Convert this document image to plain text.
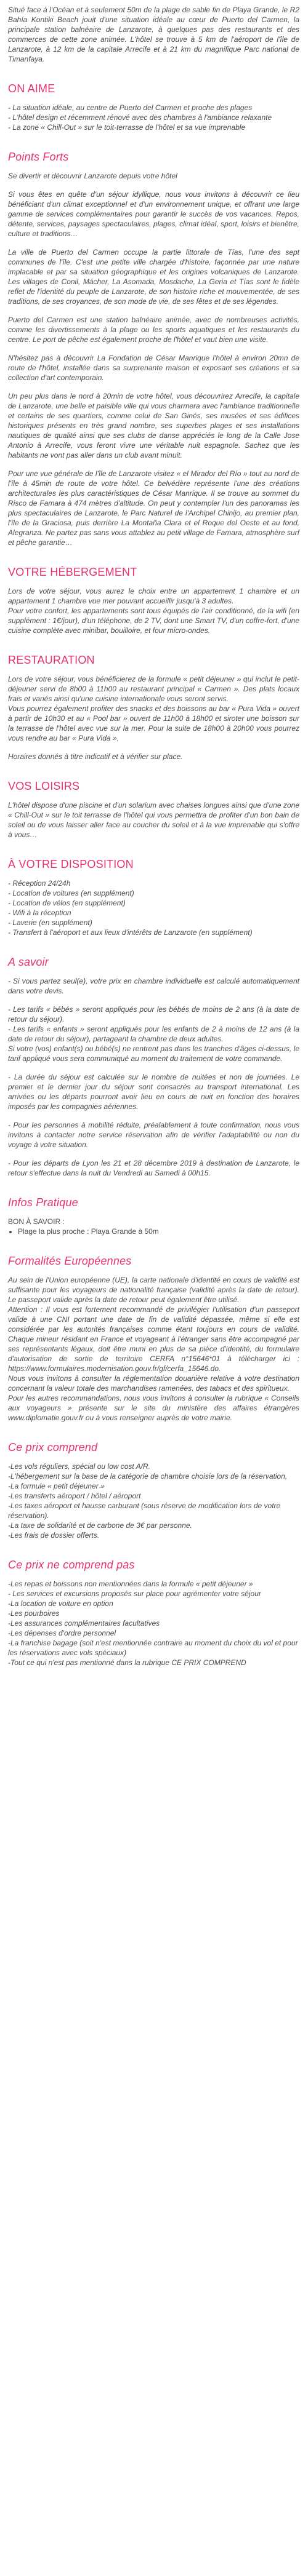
Situé face à l'Océan et à seulement 50m de la plage de sable fin de Playa Grande, le R2 Bahía Kontiki Beach jouit d'une situation idéale au cœur de Puerto del Carmen, la principale station balnéaire de Lanzarote, à quelques pas des restaurants et des commerces de cette zone animée. L'hôtel se trouve à 5 km de l'aéroport de l'île de Lanzarote, à 12 km de la capitale Arrecife et à 21 km du magnifique Parc national de Timanfaya.

ON AIME
- La situation idéale, au centre de Puerto del Carmen et proche des plages
- L'hôtel design et récemment rénové avec des chambres à l'ambiance relaxante
- La zone « Chill-Out » sur le toit-terrasse de l'hôtel et sa vue imprenable
Points Forts

Se divertir et découvrir Lanzarote depuis votre hôtel

Si vous êtes en quête d'un séjour idyllique, nous vous invitons à découvrir ce lieu bénéficiant d'un climat exceptionnel et d'un environnement unique, et offrant une large gamme de services complémentaires pour garantir le succès de vos vacances. Repos, détente, services, paysages spectaculaires, plages, climat idéal, sport, loisirs et bienêtre, culture et traditions…

La ville de Puerto del Carmen occupe la partie littorale de Tías, l'une des sept communes de l'île. C'est une petite ville chargée d'histoire, façonnée par une nature implacable et par sa situation géographique et les origines volcaniques de Lanzarote. Les villages de Conil, Mácher, La Asomada, Mosdache, La Geria et Tías sont le fidèle reflet de l'identité du peuple de Lanzarote, de son histoire riche et mouvementée, de ses traditions, de ses croyances, de son mode de vie, de ses fêtes et de ses légendes.

Puerto del Carmen est une station balnéaire animée, avec de nombreuses activités, comme les divertissements à la plage ou les sports aquatiques et les restaurants du centre. Le port de pêche est également proche de l'hôtel et vaut bien une visite.

N'hésitez pas à découvrir La Fondation de César Manrique l'hôtel à environ 20mn de route de l'hôtel, installée dans sa surprenante maison et exposant ses créations et sa collection d'art contemporain.

Un peu plus dans le nord à 20min de votre hôtel, vous découvrirez Arrecife, la capitale de Lanzarote, une belle et paisible ville qui vous charmera avec l'ambiance traditionnelle et certains de ses quartiers, comme celui de San Ginés, ses musées et ses édifices historiques présents en très grand nombre, ses superbes plages et ses installations nautiques de qualité ainsi que ses clubs de danse appréciés le long de la Calle Jose Antonio à Arrecife, vous feront vivre une véritable nuit espagnole. Sachez que les habitants ne vont pas aller dans un club avant minuit.

Pour une vue générale de l'île de Lanzarote visitez « el Mirador del Río » tout au nord de l'île à 45min de route de votre hôtel. Ce belvédère représente l'une des créations architecturales les plus caractéristiques de César Manrique. Il se trouve au sommet du Risco de Famara à 474 mètres d'altitude. On peut y contempler l'un des panoramas les plus spectaculaires de Lanzarote, le Parc Naturel de l'Archipel Chinijo, au premier plan, l'île de la Graciosa, puis derrière La Montaña Clara et el Roque del Oeste et au fond, Alegranza. Ne partez pas sans vous attablez au petit village de Famara, atmosphère surf et pêche garantie…

VOTRE HÉBERGEMENT

Lors de votre séjour, vous aurez le choix entre un appartement 1 chambre et un appartement 1 chambre vue mer pouvant accueillir jusqu'à 3 adultes.

Pour votre confort, les appartements sont tous équipés de l'air conditionné, de la wifi (en supplément : 1€/jour), d'un téléphone, de 2 TV, dont une Smart TV, d'un coffre-fort, d'une cuisine complète avec minibar, bouilloire, et four micro-ondes.

RESTAURATION

Lors de votre séjour, vous bénéficierez de la formule « petit déjeuner » qui inclut le petit-déjeuner servi de 8h00 à 11h00 au restaurant principal « Carmen ». Des plats locaux frais et variés ainsi qu'une cuisine internationale vous seront servis.

Vous pourrez également profiter des snacks et des boissons au bar « Pura Vida » ouvert à partir de 10h30 et au « Pool bar » ouvert de 11h00 à 18h00 et siroter une boisson sur la terrasse de l'hôtel avec vue sur la mer. Pour la suite de 18h00 à 20h00 vous pourrez vous rendre au bar « Pura Vida ».

Horaires donnés à titre indicatif et à vérifier sur place.

VOS LOISIRS

L'hôtel dispose d'une piscine et d'un solarium avec chaises longues ainsi que d'une zone « Chill-Out » sur le toit terrasse de l'hôtel qui vous permettra de profiter d'un bon bain de soleil ou de vous laisser aller face au coucher du soleil et à la vue imprenable qui s'offre à vous…

À VOTRE DISPOSITION
- Réception 24/24h
- Location de voitures (en supplément)
- Location de vélos (en supplément)
- Wifi à la réception
- Laverie (en supplément)
- Transfert à l'aéroport et aux lieux d'intérêts de Lanzarote (en supplément)
A savoir

- Si vous partez seul(e), votre prix en chambre individuelle est calculé automatiquement dans votre devis.

- Les tarifs « bébés » seront appliqués pour les bébés de moins de 2 ans (à la date de retour du séjour).

- Les tarifs « enfants » seront appliqués pour les enfants de 2 à moins de 12 ans (à la date de retour du séjour), partageant la chambre de deux adultes.

Si votre (vos) enfant(s) ou bébé(s) ne rentrent pas dans les tranches d'âges ci-dessus, le tarif appliqué vous sera communiqué au moment du traitement de votre commande.

- La durée du séjour est calculée sur le nombre de nuitées et non de journées. Le premier et le dernier jour du séjour sont consacrés au transport international. Les arrivées ou les départs pourront avoir lieu en cours de nuit en fonction des horaires imposés par les compagnies aériennes.

- Pour les personnes à mobilité réduite, préalablement à toute confirmation, nous vous invitons à contacter notre service réservation afin de vérifier l'adaptabilité ou non du voyage à votre situation.

- Pour les départs de Lyon les 21 et 28 décembre 2019 à destination de Lanzarote, le retour s'effectue dans la nuit du Vendredi au Samedi à 00h15.

Infos Pratique
BON À SAVOIR :
• Plage la plus proche : Playa Grande à 50m
Formalités Européennes

Au sein de l'Union européenne (UE), la carte nationale d'identité en cours de validité est suffisante pour les voyageurs de nationalité française (validité après la date de retour). Le passeport valide après la date de retour peut également être utilisé.

Attention : Il vous est fortement recommandé de privilégier l'utilisation d'un passeport valide à une CNI portant une date de fin de validité dépassée, même si elle est considérée par les autorités françaises comme étant toujours en cours de validité. Chaque mineur résidant en France et voyageant à l'étranger sans être accompagné par ses représentants légaux, doit être muni en plus de sa pièce d'identité, du formulaire d'autorisation de sortie de territoire CERFA n°15646*01 à télécharger ici : https://www.formulaires.modernisation.gouv.fr/gf/cerfa_15646.do.

Nous vous invitons à consulter la réglementation douanière relative à votre destination concernant la valeur totale des marchandises ramenées, des tabacs et des spiritueux.

Pour les autres recommandations, nous vous invitons à consulter la rubrique « Conseils aux voyageurs » présente sur le site du ministère des affaires étrangères www.diplomatie.gouv.fr ou à vous renseigner auprès de votre mairie.

Ce prix comprend
-Les vols réguliers, spécial ou low cost A/R.
-L'hébergement sur la base de la catégorie de chambre choisie lors de la réservation,
-La formule « petit déjeuner »
-Les transferts aéroport / hôtel / aéroport
-Les taxes aéroport et hausse carburant (sous réserve de modification lors de votre réservation).
-La taxe de solidarité et de carbone de 3€ par personne.
-Les frais de dossier offerts.
Ce prix ne comprend pas
-Les repas et boissons non mentionnées dans la formule « petit déjeuner »
- Les services et excursions proposés sur place pour agrémenter votre séjour
-La location de voiture en option
-Les pourboires
-Les assurances complémentaires facultatives
-Les dépenses d'ordre personnel
-La franchise bagage (soit n'est mentionnée contraire au moment du choix du vol et pour les réservations avec vols spéciaux)
-Tout ce qui n'est pas mentionné dans la rubrique CE PRIX COMPREND
